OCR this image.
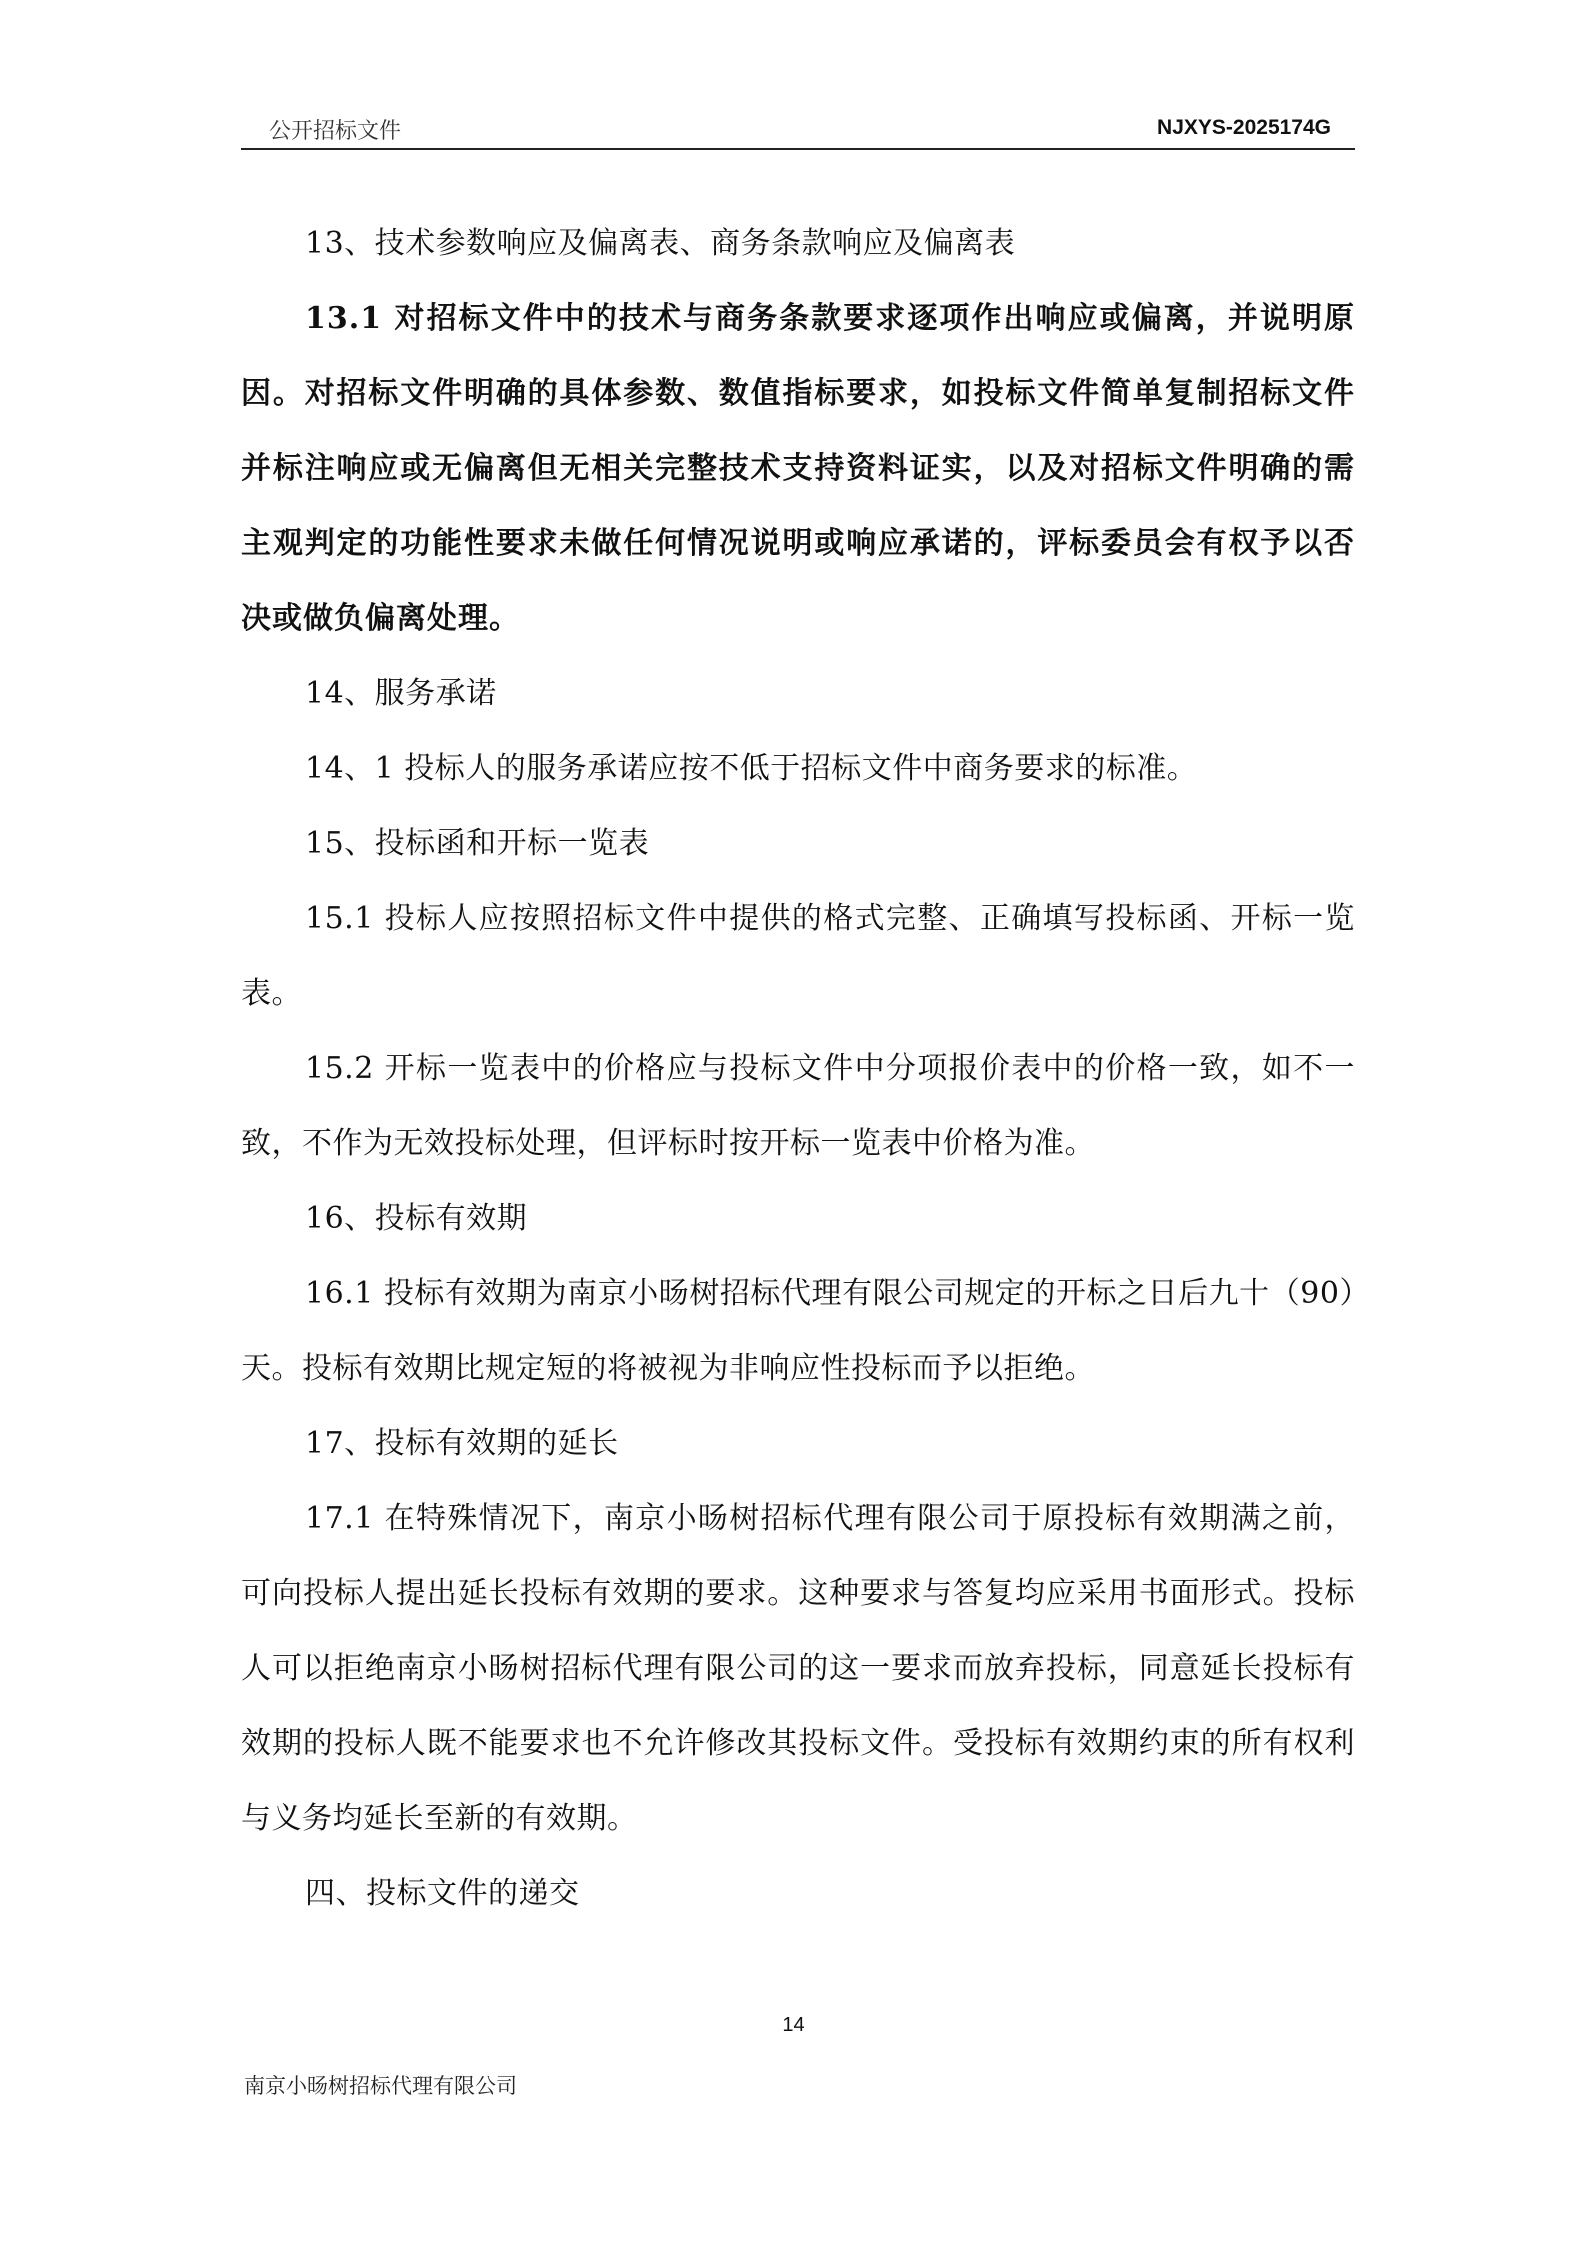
公开招标文件	NJXYS-2025174G

13、技术参数响应及偏离表、商务条款响应及偏离表

13.1 对招标文件中的技术与商务条款要求逐项作出响应或偏离，并说明原因。对招标文件明确的具体参数、数值指标要求，如投标文件简单复制招标文件并标注响应或无偏离但无相关完整技术支持资料证实，以及对招标文件明确的需主观判定的功能性要求未做任何情况说明或响应承诺的，评标委员会有权予以否决或做负偏离处理。

14、服务承诺

14、1 投标人的服务承诺应按不低于招标文件中商务要求的标准。

15、投标函和开标一览表

15.1 投标人应按照招标文件中提供的格式完整、正确填写投标函、开标一览表。

15.2 开标一览表中的价格应与投标文件中分项报价表中的价格一致，如不一致，不作为无效投标处理，但评标时按开标一览表中价格为准。

16、投标有效期

16.1 投标有效期为南京小旸树招标代理有限公司规定的开标之日后九十（90）天。投标有效期比规定短的将被视为非响应性投标而予以拒绝。

17、投标有效期的延长

17.1 在特殊情况下，南京小旸树招标代理有限公司于原投标有效期满之前，可向投标人提出延长投标有效期的要求。这种要求与答复均应采用书面形式。投标人可以拒绝南京小旸树招标代理有限公司的这一要求而放弃投标，同意延长投标有效期的投标人既不能要求也不允许修改其投标文件。受投标有效期约束的所有权利与义务均延长至新的有效期。

四、投标文件的递交

14
南京小旸树招标代理有限公司
